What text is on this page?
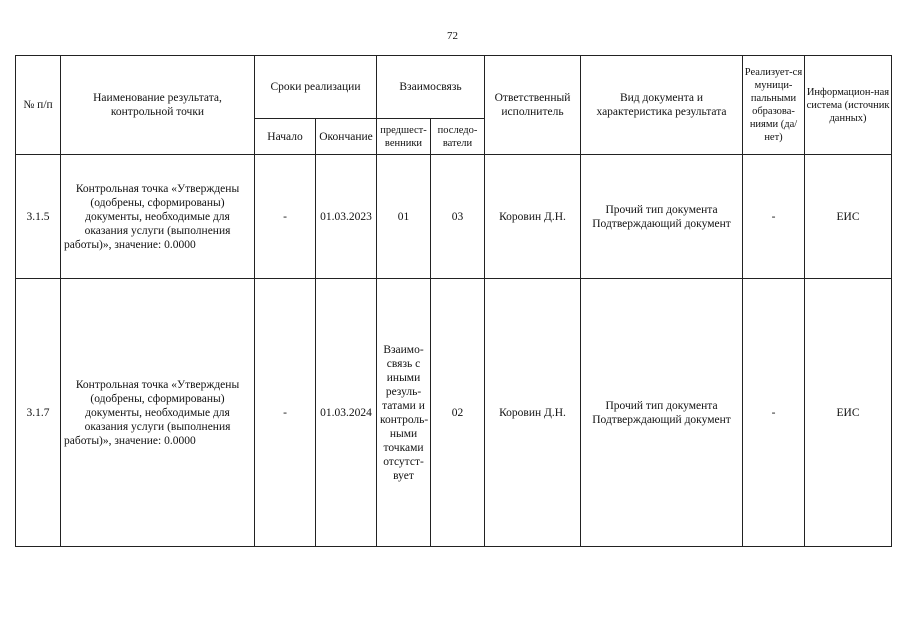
72
№ п/п	Наименование результата, контрольной точки	Сроки реализации		Взаимосвязь		Ответственный исполнитель	Вид документа и характеристика результата	Реализует-ся муници-пальными образова-ниями (да/нет)	Информацион-ная система (источник данных)
		Начало	Окончание	предшест-венники	последо-ватели				
3.1.5	Контрольная точка «Утверждены (одобрены, сформированы) документы, необходимые для оказания услуги (выполнения работы)», значение: 0.0000	-	01.03.2023	01	03	Коровин Д.Н.	Прочий тип документа Подтверждающий документ	-	ЕИС
3.1.7	Контрольная точка «Утверждены (одобрены, сформированы) документы, необходимые для оказания услуги (выполнения работы)», значение: 0.0000	-	01.03.2024	Взаимо-связь с иными резуль-татами и контроль-ными точками отсутст-вует	02	Коровин Д.Н.	Прочий тип документа Подтверждающий документ	-	ЕИС
